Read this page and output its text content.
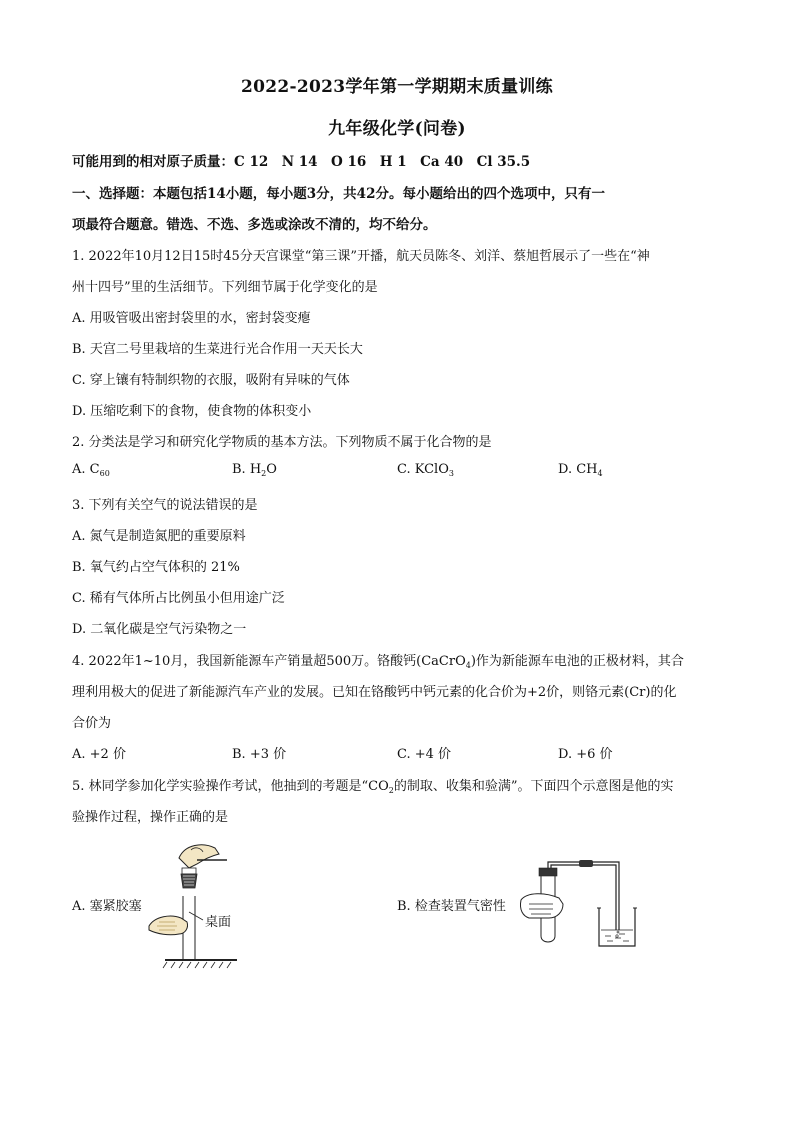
2022-2023学年第一学期期末质量训练
九年级化学(问卷)
可能用到的相对原子质量：C 12　N 14　O 16　H 1　Ca 40　Cl 35.5
一、选择题：本题包括14小题，每小题3分，共42分。每小题给出的四个选项中，只有一
项最符合题意。错选、不选、多选或涂改不清的，均不给分。
1. 2022年10月12日15时45分天宫课堂“第三课”开播，航天员陈冬、刘洋、蔡旭哲展示了一些在“神
州十四号”里的生活细节。下列细节属于化学变化的是
A. 用吸管吸出密封袋里的水，密封袋变瘪
B. 天宫二号里栽培的生菜进行光合作用一天天长大
C. 穿上镶有特制织物的衣服，吸附有异味的气体
D. 压缩吃剩下的食物，使食物的体积变小
2. 分类法是学习和研究化学物质的基本方法。下列物质不属于化合物的是
A. $C_{60}$	B. $H_2O$	C. KClO$_3$	D. $CH_4$
3. 下列有关空气的说法错误的是
A. 氮气是制造氮肥的重要原料
B. 氧气约占空气体积的 21%
C. 稀有气体所占比例虽小但用途广泛
D. 二氧化碳是空气污染物之一
4. 2022年1~10月，我国新能源车产销量超500万。铬酸钙(CaCrO$_4$)作为新能源车电池的正极材料，其合
理利用极大的促进了新能源汽车产业的发展。已知在铬酸钙中钙元素的化合价为+2价，则铬元素(Cr)的化
合价为
A. +2 价	B. +3 价	C. +4 价	D. +6 价
5. 林同学参加化学实验操作考试，他抽到的考题是“$CO_2$的制取、收集和验满”。下面四个示意图是他的实
验操作过程，操作正确的是
A. 塞紧胶塞	B. 检查装置气密性
桌面
